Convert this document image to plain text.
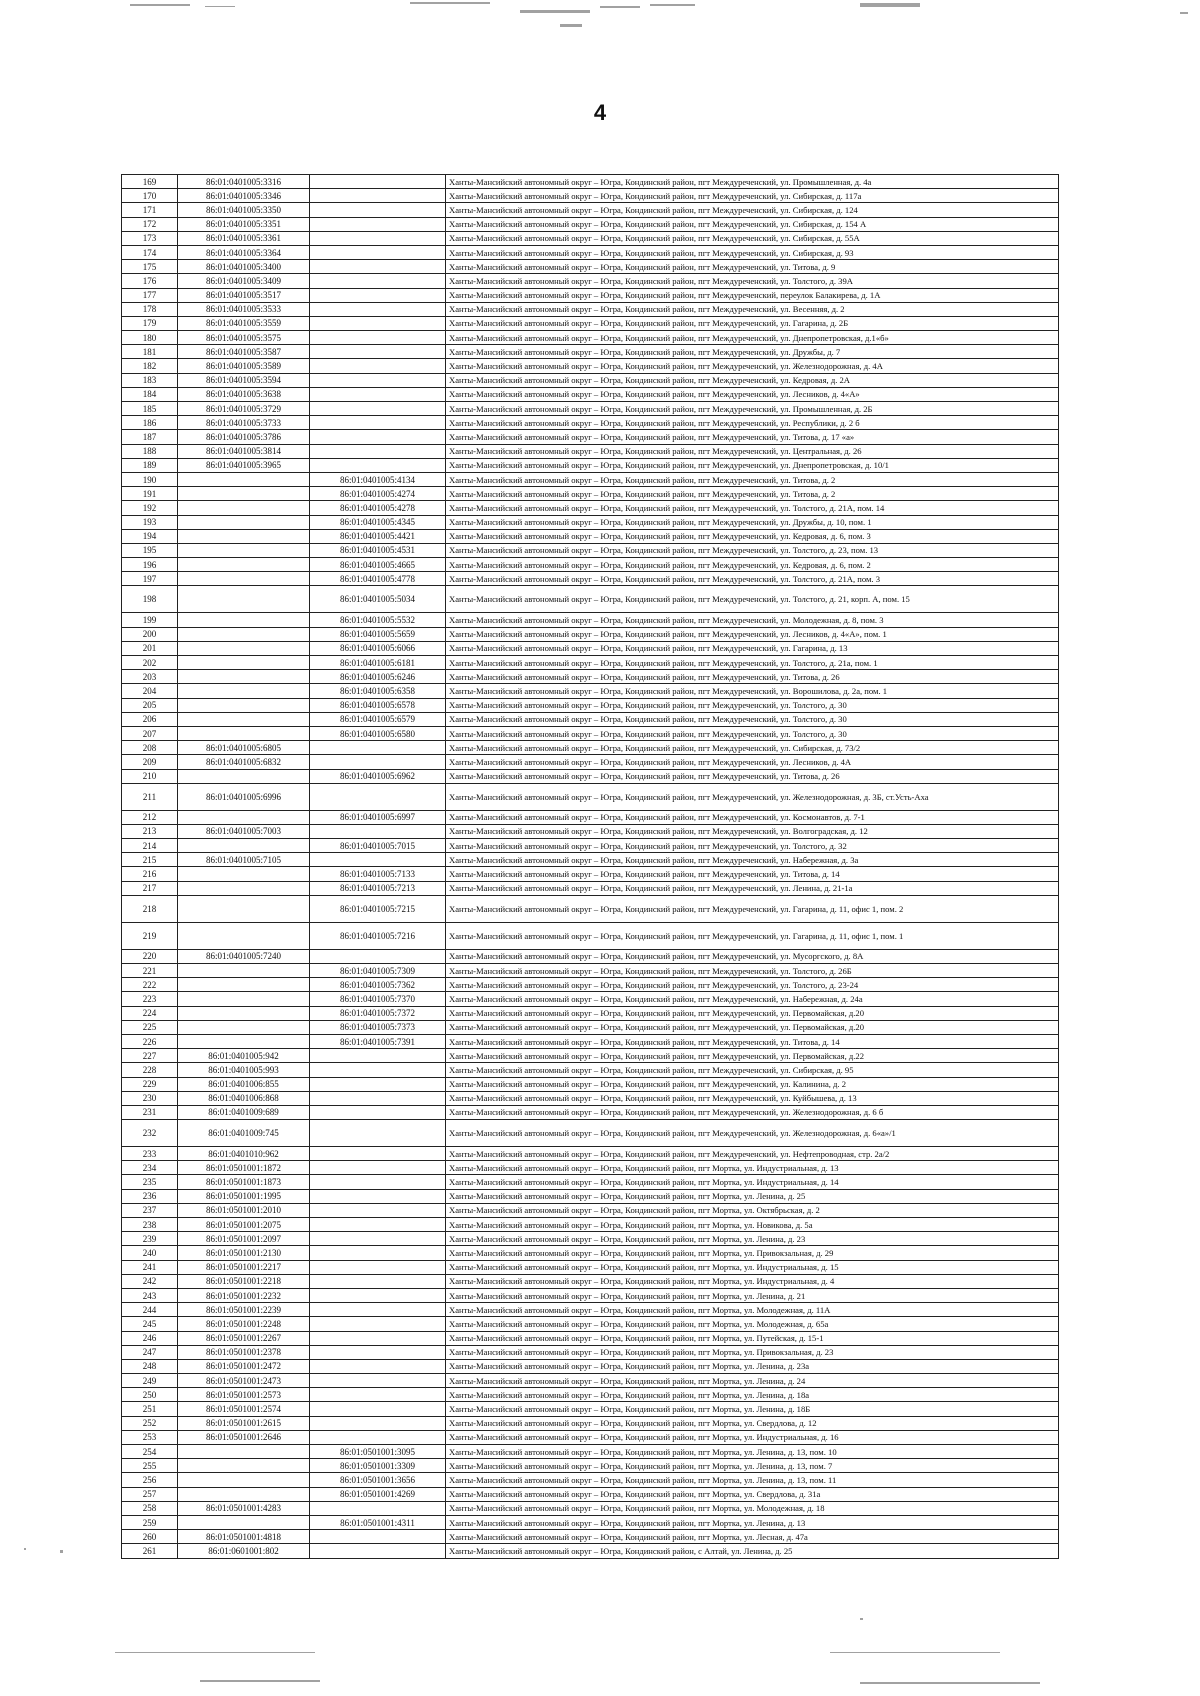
4
169	86:01:0401005:3316		Ханты-Мансийский автономный округ – Югра, Кондинский район, пгт Междуреченский, ул. Промышленная, д. 4а
170	86:01:0401005:3346		Ханты-Мансийский автономный округ – Югра, Кондинский район, пгт Междуреченский, ул. Сибирская, д. 117а
171	86:01:0401005:3350		Ханты-Мансийский автономный округ – Югра, Кондинский район, пгт Междуреченский, ул. Сибирская, д. 124
172	86:01:0401005:3351		Ханты-Мансийский автономный округ – Югра, Кондинский район, пгт Междуреченский, ул. Сибирская, д. 154 А
173	86:01:0401005:3361		Ханты-Мансийский автономный округ – Югра, Кондинский район, пгт Междуреченский, ул. Сибирская, д. 55А
174	86:01:0401005:3364		Ханты-Мансийский автономный округ – Югра, Кондинский район, пгт Междуреченский, ул. Сибирская, д. 93
175	86:01:0401005:3400		Ханты-Мансийский автономный округ – Югра, Кондинский район, пгт Междуреченский, ул. Титова, д. 9
176	86:01:0401005:3409		Ханты-Мансийский автономный округ – Югра, Кондинский район, пгт Междуреченский, ул. Толстого, д. 39А
177	86:01:0401005:3517		Ханты-Мансийский автономный округ – Югра, Кондинский район, пгт Междуреченский, переулок Балакирева, д. 1А
178	86:01:0401005:3533		Ханты-Мансийский автономный округ – Югра, Кондинский район, пгт Междуреченский, ул. Весенняя, д. 2
179	86:01:0401005:3559		Ханты-Мансийский автономный округ – Югра, Кондинский район, пгт Междуреченский, ул. Гагарина, д. 2Б
180	86:01:0401005:3575		Ханты-Мансийский автономный округ – Югра, Кондинский район, пгт Междуреченский, ул. Днепропетровская, д.1«б»
181	86:01:0401005:3587		Ханты-Мансийский автономный округ – Югра, Кондинский район, пгт Междуреченский, ул. Дружбы, д. 7
182	86:01:0401005:3589		Ханты-Мансийский автономный округ – Югра, Кондинский район, пгт Междуреченский, ул. Железнодорожная, д. 4А
183	86:01:0401005:3594		Ханты-Мансийский автономный округ – Югра, Кондинский район, пгт Междуреченский, ул. Кедровая, д. 2А
184	86:01:0401005:3638		Ханты-Мансийский автономный округ – Югра, Кондинский район, пгт Междуреченский, ул. Лесников, д. 4«А»
185	86:01:0401005:3729		Ханты-Мансийский автономный округ – Югра, Кондинский район, пгт Междуреченский, ул. Промышленная, д. 2Б
186	86:01:0401005:3733		Ханты-Мансийский автономный округ – Югра, Кондинский район, пгт Междуреченский, ул. Республики, д. 2 б
187	86:01:0401005:3786		Ханты-Мансийский автономный округ – Югра, Кондинский район, пгт Междуреченский, ул. Титова, д. 17 «а»
188	86:01:0401005:3814		Ханты-Мансийский автономный округ – Югра, Кондинский район, пгт Междуреченский, ул. Центральная, д. 26
189	86:01:0401005:3965		Ханты-Мансийский автономный округ – Югра, Кондинский район, пгт Междуреченский, ул. Днепропетровская, д. 10/1
190		86:01:0401005:4134	Ханты-Мансийский автономный округ – Югра, Кондинский район, пгт Междуреченский, ул. Титова, д. 2
191		86:01:0401005:4274	Ханты-Мансийский автономный округ – Югра, Кондинский район, пгт Междуреченский, ул. Титова, д. 2
192		86:01:0401005:4278	Ханты-Мансийский автономный округ – Югра, Кондинский район, пгт Междуреченский, ул. Толстого, д. 21А, пом. 14
193		86:01:0401005:4345	Ханты-Мансийский автономный округ – Югра, Кондинский район, пгт Междуреченский, ул. Дружбы, д. 10, пом. 1
194		86:01:0401005:4421	Ханты-Мансийский автономный округ – Югра, Кондинский район, пгт Междуреченский, ул. Кедровая, д. 6, пом. 3
195		86:01:0401005:4531	Ханты-Мансийский автономный округ – Югра, Кондинский район, пгт Междуреченский, ул. Толстого, д. 23, пом. 13
196		86:01:0401005:4665	Ханты-Мансийский автономный округ – Югра, Кондинский район, пгт Междуреченский, ул. Кедровая, д. 6, пом. 2
197		86:01:0401005:4778	Ханты-Мансийский автономный округ – Югра, Кондинский район, пгт Междуреченский, ул. Толстого, д. 21А, пом. 3
198		86:01:0401005:5034	Ханты-Мансийский автономный округ – Югра, Кондинский район, пгт Междуреченский, ул. Толстого, д. 21, корп. А, пом. 15
199		86:01:0401005:5532	Ханты-Мансийский автономный округ – Югра, Кондинский район, пгт Междуреченский, ул. Молодежная, д. 8, пом. 3
200		86:01:0401005:5659	Ханты-Мансийский автономный округ – Югра, Кондинский район, пгт Междуреченский, ул. Лесников, д. 4«А», пом. 1
201		86:01:0401005:6066	Ханты-Мансийский автономный округ – Югра, Кондинский район, пгт Междуреченский, ул. Гагарина, д. 13
202		86:01:0401005:6181	Ханты-Мансийский автономный округ – Югра, Кондинский район, пгт Междуреченский, ул. Толстого, д. 21а, пом. 1
203		86:01:0401005:6246	Ханты-Мансийский автономный округ – Югра, Кондинский район, пгт Междуреченский, ул. Титова, д. 26
204		86:01:0401005:6358	Ханты-Мансийский автономный округ – Югра, Кондинский район, пгт Междуреченский, ул. Ворошилова, д. 2а, пом. 1
205		86:01:0401005:6578	Ханты-Мансийский автономный округ – Югра, Кондинский район, пгт Междуреченский, ул. Толстого, д. 30
206		86:01:0401005:6579	Ханты-Мансийский автономный округ – Югра, Кондинский район, пгт Междуреченский, ул. Толстого, д. 30
207		86:01:0401005:6580	Ханты-Мансийский автономный округ – Югра, Кондинский район, пгт Междуреченский, ул. Толстого, д. 30
208	86:01:0401005:6805		Ханты-Мансийский автономный округ – Югра, Кондинский район, пгт Междуреченский, ул. Сибирская, д. 73/2
209	86:01:0401005:6832		Ханты-Мансийский автономный округ – Югра, Кондинский район, пгт Междуреченский, ул. Лесников, д. 4А
210		86:01:0401005:6962	Ханты-Мансийский автономный округ – Югра, Кондинский район, пгт Междуреченский, ул. Титова, д. 26
211	86:01:0401005:6996		Ханты-Мансийский автономный округ – Югра, Кондинский район, пгт Междуреченский, ул. Железнодорожная, д. 3Б, ст.Усть-Аха
212		86:01:0401005:6997	Ханты-Мансийский автономный округ – Югра, Кондинский район, пгт Междуреченский, ул. Космонавтов, д. 7-1
213	86:01:0401005:7003		Ханты-Мансийский автономный округ – Югра, Кондинский район, пгт Междуреченский, ул. Волгоградская, д. 12
214		86:01:0401005:7015	Ханты-Мансийский автономный округ – Югра, Кондинский район, пгт Междуреченский, ул. Толстого, д. 32
215	86:01:0401005:7105		Ханты-Мансийский автономный округ – Югра, Кондинский район, пгт Междуреченский, ул. Набережная, д. 3а
216		86:01:0401005:7133	Ханты-Мансийский автономный округ – Югра, Кондинский район, пгт Междуреченский, ул. Титова, д. 14
217		86:01:0401005:7213	Ханты-Мансийский автономный округ – Югра, Кондинский район, пгт Междуреченский, ул. Ленина, д. 21-1а
218		86:01:0401005:7215	Ханты-Мансийский автономный округ – Югра, Кондинский район, пгт Междуреченский, ул. Гагарина, д. 11, офис 1, пом. 2
219		86:01:0401005:7216	Ханты-Мансийский автономный округ – Югра, Кондинский район, пгт Междуреченский, ул. Гагарина, д. 11, офис 1, пом. 1
220	86:01:0401005:7240		Ханты-Мансийский автономный округ – Югра, Кондинский район, пгт Междуреченский, ул. Мусоргского, д. 8А
221		86:01:0401005:7309	Ханты-Мансийский автономный округ – Югра, Кондинский район, пгт Междуреченский, ул. Толстого, д. 26Б
222		86:01:0401005:7362	Ханты-Мансийский автономный округ – Югра, Кондинский район, пгт Междуреченский, ул. Толстого, д. 23-24
223		86:01:0401005:7370	Ханты-Мансийский автономный округ – Югра, Кондинский район, пгт Междуреченский, ул. Набережная, д. 24а
224		86:01:0401005:7372	Ханты-Мансийский автономный округ – Югра, Кондинский район, пгт Междуреченский, ул. Первомайская, д.20
225		86:01:0401005:7373	Ханты-Мансийский автономный округ – Югра, Кондинский район, пгт Междуреченский, ул. Первомайская, д.20
226		86:01:0401005:7391	Ханты-Мансийский автономный округ – Югра, Кондинский район, пгт Междуреченский, ул. Титова, д. 14
227	86:01:0401005:942		Ханты-Мансийский автономный округ – Югра, Кондинский район, пгт Междуреченский, ул. Первомайская, д.22
228	86:01:0401005:993		Ханты-Мансийский автономный округ – Югра, Кондинский район, пгт Междуреченский, ул. Сибирская, д. 95
229	86:01:0401006:855		Ханты-Мансийский автономный округ – Югра, Кондинский район, пгт Междуреченский, ул. Калинина, д. 2
230	86:01:0401006:868		Ханты-Мансийский автономный округ – Югра, Кондинский район, пгт Междуреченский, ул. Куйбышева, д. 13
231	86:01:0401009:689		Ханты-Мансийский автономный округ – Югра, Кондинский район, пгт Междуреченский, ул. Железнодорожная, д. 6 б
232	86:01:0401009:745		Ханты-Мансийский автономный округ – Югра, Кондинский район, пгт Междуреченский, ул. Железнодорожная, д. 6«а»/1
233	86:01:0401010:962		Ханты-Мансийский автономный округ – Югра, Кондинский район, пгт Междуреченский, ул. Нефтепроводная, стр. 2а/2
234	86:01:0501001:1872		Ханты-Мансийский автономный округ – Югра, Кондинский район, пгт Мортка, ул. Индустриальная, д. 13
235	86:01:0501001:1873		Ханты-Мансийский автономный округ – Югра, Кондинский район, пгт Мортка, ул. Индустриальная, д. 14
236	86:01:0501001:1995		Ханты-Мансийский автономный округ – Югра, Кондинский район, пгт Мортка, ул. Ленина, д. 25
237	86:01:0501001:2010		Ханты-Мансийский автономный округ – Югра, Кондинский район, пгт Мортка, ул. Октябрьская, д. 2
238	86:01:0501001:2075		Ханты-Мансийский автономный округ – Югра, Кондинский район, пгт Мортка, ул. Новикова, д. 5а
239	86:01:0501001:2097		Ханты-Мансийский автономный округ – Югра, Кондинский район, пгт Мортка, ул. Ленина, д. 23
240	86:01:0501001:2130		Ханты-Мансийский автономный округ – Югра, Кондинский район, пгт Мортка, ул. Привокзальная, д. 29
241	86:01:0501001:2217		Ханты-Мансийский автономный округ – Югра, Кондинский район, пгт Мортка, ул. Индустриальная, д. 15
242	86:01:0501001:2218		Ханты-Мансийский автономный округ – Югра, Кондинский район, пгт Мортка, ул. Индустриальная, д. 4
243	86:01:0501001:2232		Ханты-Мансийский автономный округ – Югра, Кондинский район, пгт Мортка, ул. Ленина, д. 21
244	86:01:0501001:2239		Ханты-Мансийский автономный округ – Югра, Кондинский район, пгт Мортка, ул. Молодежная, д. 11А
245	86:01:0501001:2248		Ханты-Мансийский автономный округ – Югра, Кондинский район, пгт Мортка, ул. Молодежная, д. 65а
246	86:01:0501001:2267		Ханты-Мансийский автономный округ – Югра, Кондинский район, пгт Мортка, ул. Путейская, д. 15-1
247	86:01:0501001:2378		Ханты-Мансийский автономный округ – Югра, Кондинский район, пгт Мортка, ул. Привокзальная, д. 23
248	86:01:0501001:2472		Ханты-Мансийский автономный округ – Югра, Кондинский район, пгт Мортка, ул. Ленина, д. 23а
249	86:01:0501001:2473		Ханты-Мансийский автономный округ – Югра, Кондинский район, пгт Мортка, ул. Ленина, д. 24
250	86:01:0501001:2573		Ханты-Мансийский автономный округ – Югра, Кондинский район, пгт Мортка, ул. Ленина, д. 18а
251	86:01:0501001:2574		Ханты-Мансийский автономный округ – Югра, Кондинский район, пгт Мортка, ул. Ленина, д. 18Б
252	86:01:0501001:2615		Ханты-Мансийский автономный округ – Югра, Кондинский район, пгт Мортка, ул. Свердлова, д. 12
253	86:01:0501001:2646		Ханты-Мансийский автономный округ – Югра, Кондинский район, пгт Мортка, ул. Индустриальная, д. 16
254		86:01:0501001:3095	Ханты-Мансийский автономный округ – Югра, Кондинский район, пгт Мортка, ул. Ленина, д. 13, пом. 10
255		86:01:0501001:3309	Ханты-Мансийский автономный округ – Югра, Кондинский район, пгт Мортка, ул. Ленина, д. 13, пом. 7
256		86:01:0501001:3656	Ханты-Мансийский автономный округ – Югра, Кондинский район, пгт Мортка, ул. Ленина, д. 13, пом. 11
257		86:01:0501001:4269	Ханты-Мансийский автономный округ – Югра, Кондинский район, пгт Мортка, ул. Свердлова, д. 31а
258	86:01:0501001:4283		Ханты-Мансийский автономный округ – Югра, Кондинский район, пгт Мортка, ул. Молодежная, д. 18
259		86:01:0501001:4311	Ханты-Мансийский автономный округ – Югра, Кондинский район, пгт Мортка, ул. Ленина, д. 13
260	86:01:0501001:4818		Ханты-Мансийский автономный округ – Югра, Кондинский район, пгт Мортка, ул. Лесная, д. 47а
261	86:01:0601001:802		Ханты-Мансийский автономный округ – Югра, Кондинский район, с Алтай, ул. Ленина, д. 25
